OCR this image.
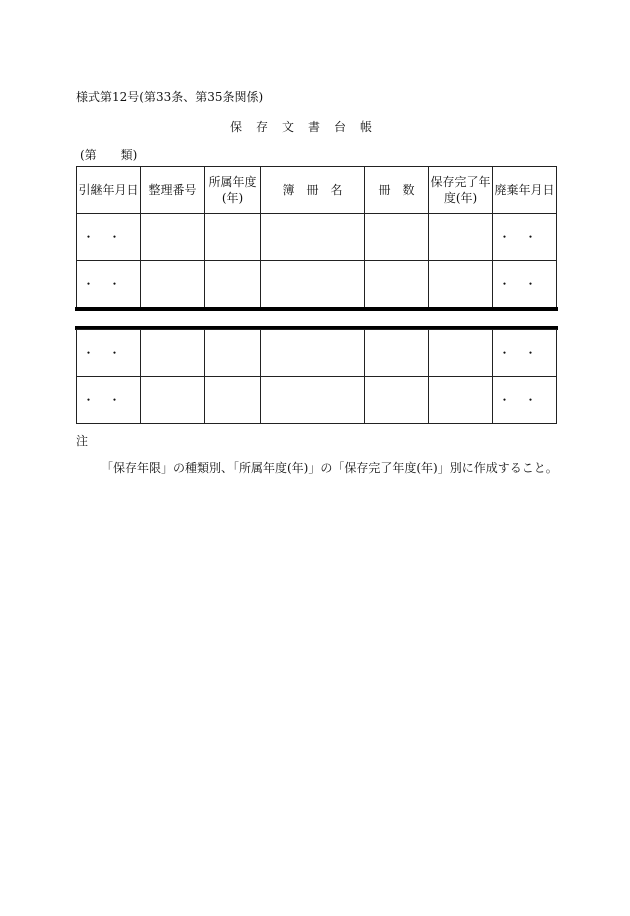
様式第12号(第33条、第35条関係)
保存文書台帳
(第　　類)
引継年月日	整理番号	所属年度(年)	簿　冊　名	冊　数	保存完了年度(年)	廃棄年月日
・・						・・
・・						・・
・・						・・
・・						・・
注
「保存年限」の種類別、「所属年度(年)」の「保存完了年度(年)」別に作成すること。
